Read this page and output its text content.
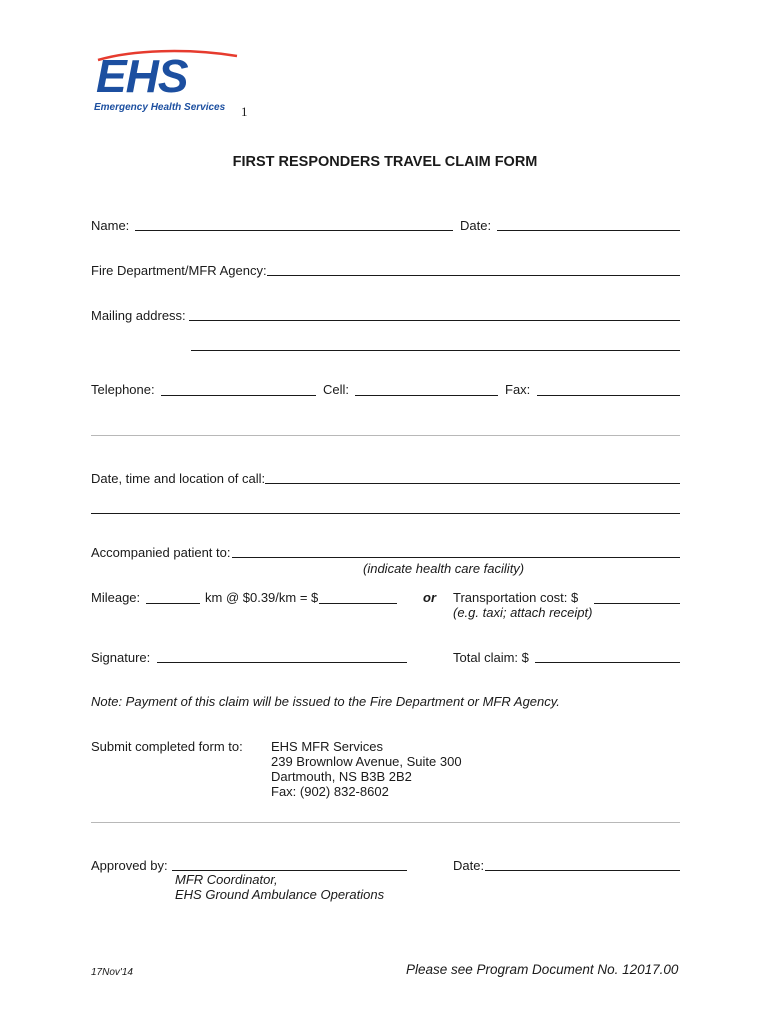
EHS
Emergency Health Services 1
FIRST RESPONDERS TRAVEL CLAIM FORM
Name:	Date:
Fire Department/MFR Agency:
Mailing address:
Telephone:	Cell:	Fax:
Date, time and location of call:
Accompanied patient to:
(indicate health care facility)
Mileage:	km @ $0.39/km = $	or Transportation cost: $
(e.g. taxi; attach receipt)
Signature:	Total claim: $
Note: Payment of this claim will be issued to the Fire Department or MFR Agency.
Submit completed form to: EHS MFR Services
239 Brownlow Avenue, Suite 300
Dartmouth, NS B3B 2B2
Fax: (902) 832-8602
Approved by:	Date:
MFR Coordinator,
EHS Ground Ambulance Operations
17Nov'14	Please see Program Document No. 12017.00
